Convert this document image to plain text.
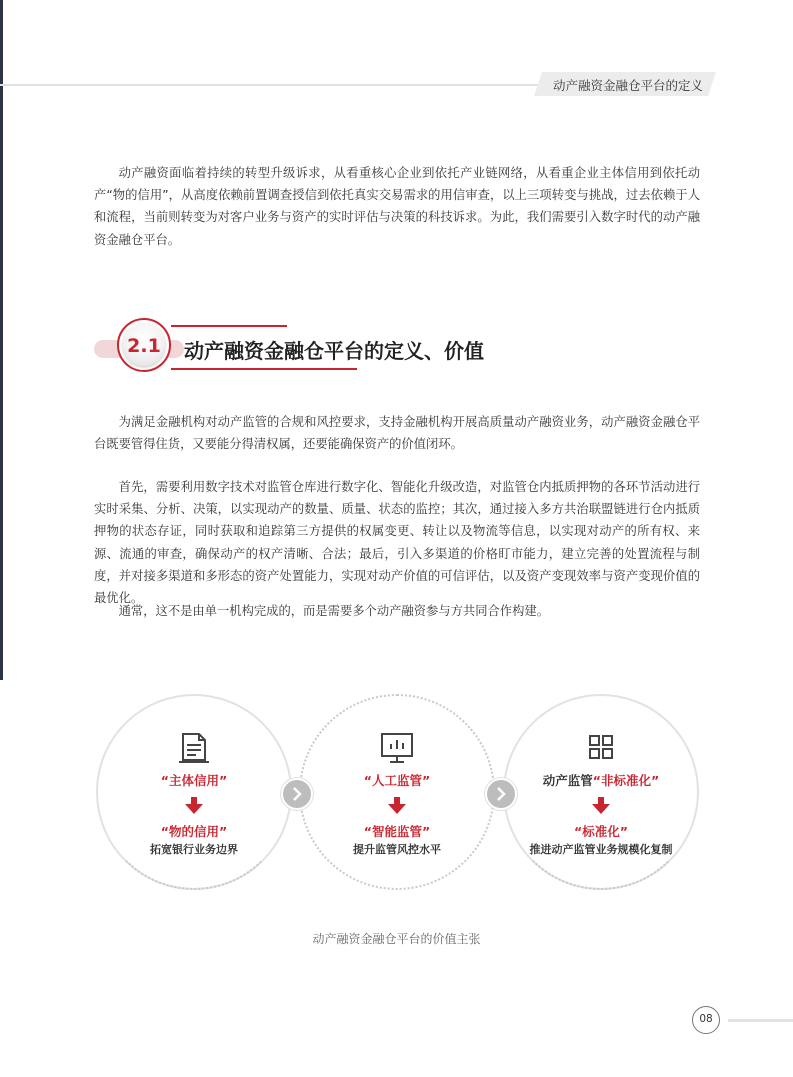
动产融资金融仓平台的定义

动产融资面临着持续的转型升级诉求，从看重核心企业到依托产业链网络，从看重企业主体信用到依托动产“物的信用”，从高度依赖前置调查授信到依托真实交易需求的用信审查，以上三项转变与挑战，过去依赖于人和流程，当前则转变为对客户业务与资产的实时评估与决策的科技诉求。为此，我们需要引入数字时代的动产融资金融仓平台。

2.1 动产融资金融仓平台的定义、价值

为满足金融机构对动产监管的合规和风控要求，支持金融机构开展高质量动产融资业务，动产融资金融仓平台既要管得住货，又要能分得清权属，还要能确保资产的价值闭环。

首先，需要利用数字技术对监管仓库进行数字化、智能化升级改造，对监管仓内抵质押物的各环节活动进行实时采集、分析、决策，以实现动产的数量、质量、状态的监控；其次，通过接入多方共治联盟链进行仓内抵质押物的状态存证，同时获取和追踪第三方提供的权属变更、转让以及物流等信息，以实现对动产的所有权、来源、流通的审查，确保动产的权产清晰、合法；最后，引入多渠道的价格盯市能力，建立完善的处置流程与制度，并对接多渠道和多形态的资产处置能力，实现对动产价值的可信评估，以及资产变现效率与资产变现价值的最优化。

通常，这不是由单一机构完成的，而是需要多个动产融资参与方共同合作构建。

“主体信用”
“物的信用”
拓宽银行业务边界
“人工监管”
“智能监管”
提升监管风控水平
动产监管“非标准化”
“标准化”
推进动产监管业务规模化复制
动产融资金融仓平台的价值主张
08
